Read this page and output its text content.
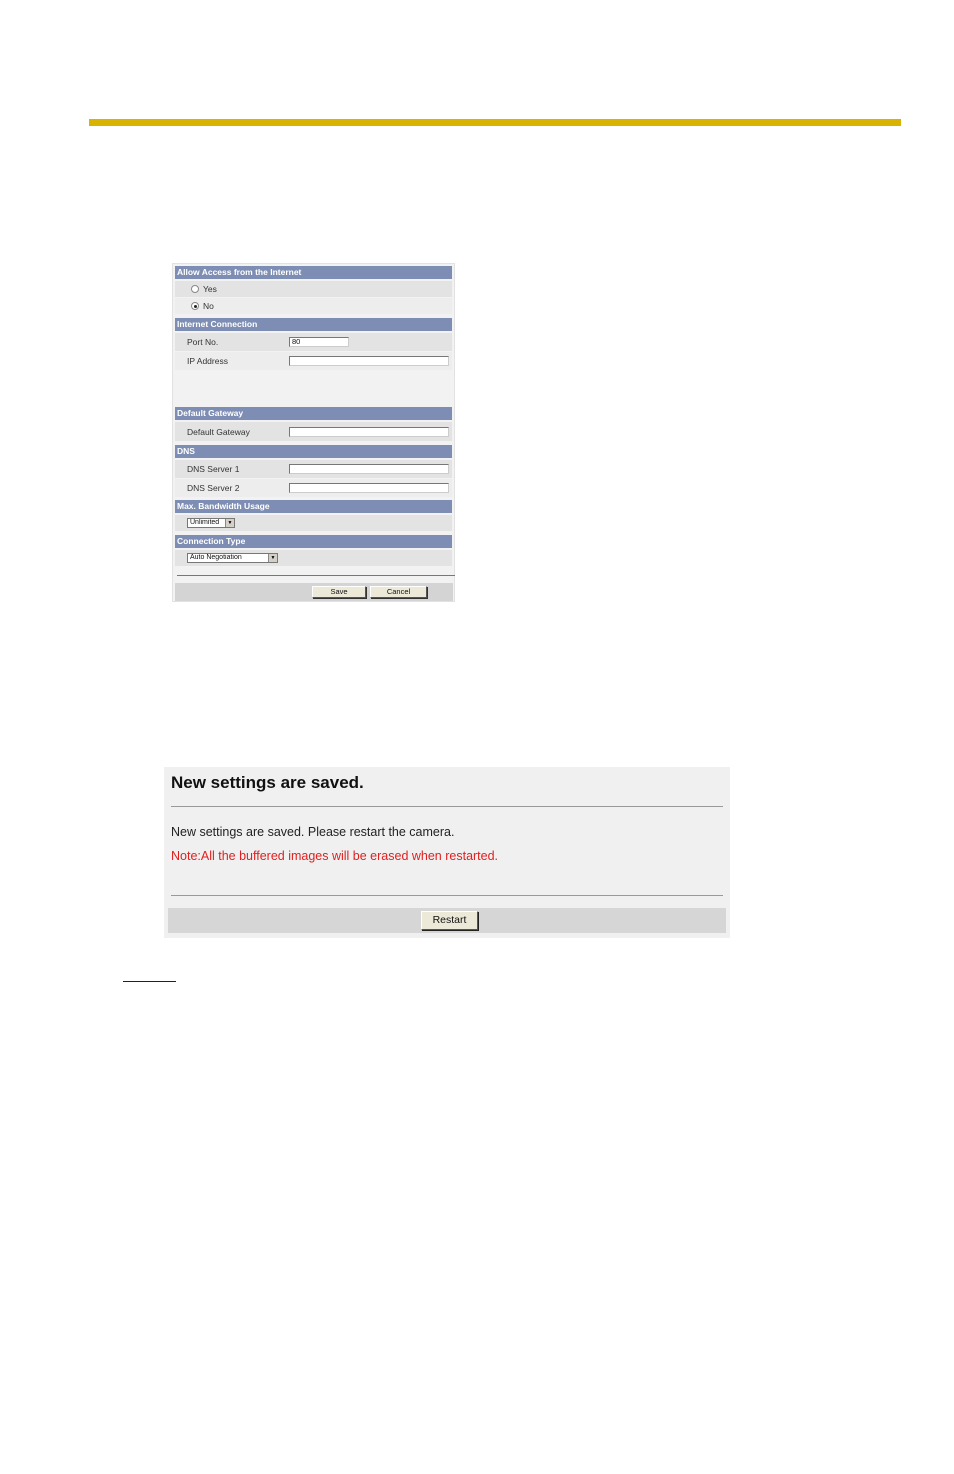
Allow Access from the Internet
Yes
No
Internet Connection
Port No.	80
IP Address
Default Gateway
Default Gateway
DNS
DNS Server 1
DNS Server 2
Max. Bandwidth Usage
Unlimited	▼
Connection Type
Auto Negotiation	▼
Save	Cancel
New settings are saved.
New settings are saved. Please restart the camera.
Note:All the buffered images will be erased when restarted.
Restart
